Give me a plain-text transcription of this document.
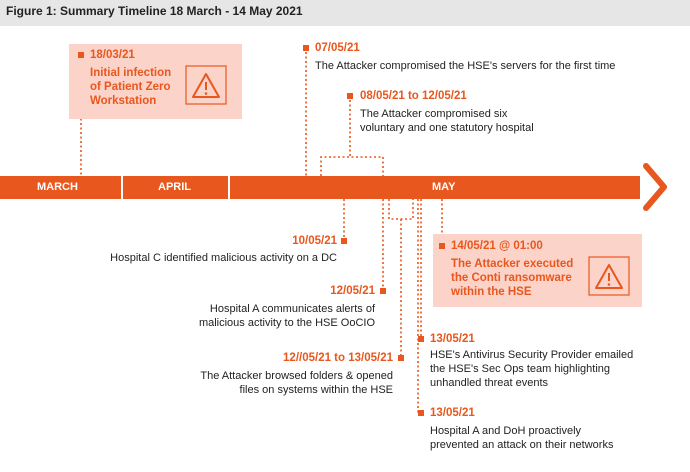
Figure 1: Summary Timeline 18 March - 14 May 2021
MARCH	APRIL	MAY
18/03/21
Initial infection
of Patient Zero
Workstation
07/05/21
The Attacker compromised the HSE's servers for the first time
08/05/21 to 12/05/21
The Attacker compromised six
voluntary and one statutory hospital
10/05/21
Hospital C identified malicious activity on a DC
12/05/21
Hospital A communicates alerts of
malicious activity to the HSE OoCIO
12//05/21 to 13/05/21
The Attacker browsed folders & opened
files on systems within the HSE
14/05/21 @ 01:00
The Attacker executed
the Conti ransomware
within the HSE
13/05/21
HSE's Antivirus Security Provider emailed
the HSE's Sec Ops team highlighting
unhandled threat events
13/05/21
Hospital A and DoH proactively
prevented an attack on their networks
